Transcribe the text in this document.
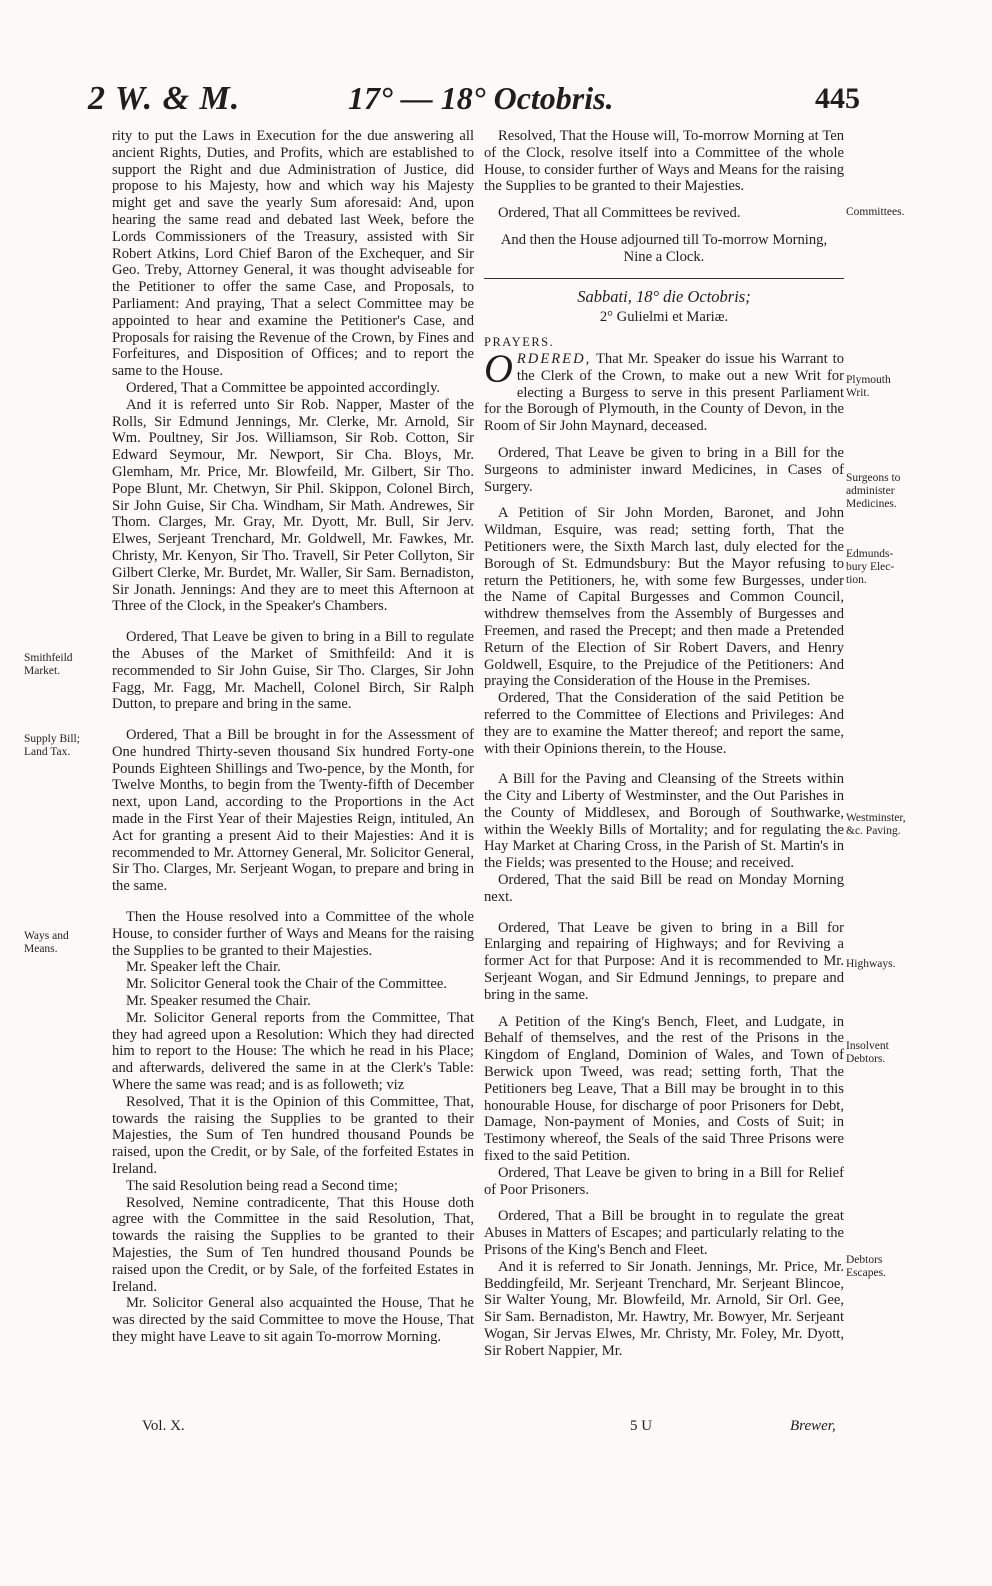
2 W. & M.	17° — 18° Octobris.	445

rity to put the Laws in Execution for the due answering all ancient Rights, Duties, and Profits, which are established to support the Right and due Administration of Justice, did propose to his Majesty, how and which way his Majesty might get and save the yearly Sum aforesaid: And, upon hearing the same read and debated last Week, before the Lords Commissioners of the Treasury, assisted with Sir Robert Atkins, Lord Chief Baron of the Exchequer, and Sir Geo. Treby, Attorney General, it was thought adviseable for the Petitioner to offer the same Case, and Proposals, to Parliament: And praying, That a select Committee may be appointed to hear and examine the Petitioner's Case, and Proposals for raising the Revenue of the Crown, by Fines and Forfeitures, and Disposition of Offices; and to report the same to the House.

Ordered, That a Committee be appointed accordingly.

And it is referred unto Sir Rob. Napper, Master of the Rolls, Sir Edmund Jennings, Mr. Clerke, Mr. Arnold, Sir Wm. Poultney, Sir Jos. Williamson, Sir Rob. Cotton, Sir Edward Seymour, Mr. Newport, Sir Cha. Bloys, Mr. Glemham, Mr. Price, Mr. Blowfeild, Mr. Gilbert, Sir Tho. Pope Blunt, Mr. Chetwyn, Sir Phil. Skippon, Colonel Birch, Sir John Guise, Sir Cha. Windham, Sir Math. Andrewes, Sir Thom. Clarges, Mr. Gray, Mr. Dyott, Mr. Bull, Sir Jerv. Elwes, Serjeant Trenchard, Mr. Goldwell, Mr. Fawkes, Mr. Christy, Mr. Kenyon, Sir Tho. Travell, Sir Peter Collyton, Sir Gilbert Clerke, Mr. Burdet, Mr. Waller, Sir Sam. Bernadiston, Sir Jonath. Jennings: And they are to meet this Afternoon at Three of the Clock, in the Speaker's Chambers.

Ordered, That Leave be given to bring in a Bill to regulate the Abuses of the Market of Smithfeild: And it is recommended to Sir John Guise, Sir Tho. Clarges, Sir John Fagg, Mr. Fagg, Mr. Machell, Colonel Birch, Sir Ralph Dutton, to prepare and bring in the same.

Ordered, That a Bill be brought in for the Assessment of One hundred Thirty-seven thousand Six hundred Forty-one Pounds Eighteen Shillings and Two-pence, by the Month, for Twelve Months, to begin from the Twenty-fifth of December next, upon Land, according to the Proportions in the Act made in the First Year of their Majesties Reign, intituled, An Act for granting a present Aid to their Majesties: And it is recommended to Mr. Attorney General, Mr. Solicitor General, Sir Tho. Clarges, Mr. Serjeant Wogan, to prepare and bring in the same.

Then the House resolved into a Committee of the whole House, to consider further of Ways and Means for the raising the Supplies to be granted to their Majesties.

Mr. Speaker left the Chair.

Mr. Solicitor General took the Chair of the Committee.

Mr. Speaker resumed the Chair.

Mr. Solicitor General reports from the Committee, That they had agreed upon a Resolution: Which they had directed him to report to the House: The which he read in his Place; and afterwards, delivered the same in at the Clerk's Table: Where the same was read; and is as followeth; viz

Resolved, That it is the Opinion of this Committee, That, towards the raising the Supplies to be granted to their Majesties, the Sum of Ten hundred thousand Pounds be raised, upon the Credit, or by Sale, of the forfeited Estates in Ireland.

The said Resolution being read a Second time;

Resolved, Nemine contradicente, That this House doth agree with the Committee in the said Resolution, That, towards the raising the Supplies to be granted to their Majesties, the Sum of Ten hundred thousand Pounds be raised upon the Credit, or by Sale, of the forfeited Estates in Ireland.

Mr. Solicitor General also acquainted the House, That he was directed by the said Committee to move the House, That they might have Leave to sit again To-morrow Morning.

Resolved, That the House will, To-morrow Morning at Ten of the Clock, resolve itself into a Committee of the whole House, to consider further of Ways and Means for the raising the Supplies to be granted to their Majesties.

Ordered, That all Committees be revived.

And then the House adjourned till To-morrow Morning, Nine a Clock.

Sabbati, 18° die Octobris;
2° Gulielmi et Mariæ.

PRAYERS.

ORDERED, That Mr. Speaker do issue his Warrant to the Clerk of the Crown, to make out a new Writ for electing a Burgess to serve in this present Parliament for the Borough of Plymouth, in the County of Devon, in the Room of Sir John Maynard, deceased.

Ordered, That Leave be given to bring in a Bill for the Surgeons to administer inward Medicines, in Cases of Surgery.

A Petition of Sir John Morden, Baronet, and John Wildman, Esquire, was read; setting forth, That the Petitioners were, the Sixth March last, duly elected for the Borough of St. Edmundsbury: But the Mayor refusing to return the Petitioners, he, with some few Burgesses, under the Name of Capital Burgesses and Common Council, withdrew themselves from the Assembly of Burgesses and Freemen, and rased the Precept; and then made a Pretended Return of the Election of Sir Robert Davers, and Henry Goldwell, Esquire, to the Prejudice of the Petitioners: And praying the Consideration of the House in the Premises.

Ordered, That the Consideration of the said Petition be referred to the Committee of Elections and Privileges: And they are to examine the Matter thereof; and report the same, with their Opinions therein, to the House.

A Bill for the Paving and Cleansing of the Streets within the City and Liberty of Westminster, and the Out Parishes in the County of Middlesex, and Borough of Southwarke, within the Weekly Bills of Mortality; and for regulating the Hay Market at Charing Cross, in the Parish of St. Martin's in the Fields; was presented to the House; and received.

Ordered, That the said Bill be read on Monday Morning next.

Ordered, That Leave be given to bring in a Bill for Enlarging and repairing of Highways; and for Reviving a former Act for that Purpose: And it is recommended to Mr. Serjeant Wogan, and Sir Edmund Jennings, to prepare and bring in the same.

A Petition of the King's Bench, Fleet, and Ludgate, in Behalf of themselves, and the rest of the Prisons in the Kingdom of England, Dominion of Wales, and Town of Berwick upon Tweed, was read; setting forth, That the Petitioners beg Leave, That a Bill may be brought in to this honourable House, for discharge of poor Prisoners for Debt, Damage, Non-payment of Monies, and Costs of Suit; in Testimony whereof, the Seals of the said Three Prisons were fixed to the said Petition.

Ordered, That Leave be given to bring in a Bill for Relief of Poor Prisoners.

Ordered, That a Bill be brought in to regulate the great Abuses in Matters of Escapes; and particularly relating to the Prisons of the King's Bench and Fleet.

And it is referred to Sir Jonath. Jennings, Mr. Price, Mr. Beddingfeild, Mr. Serjeant Trenchard, Mr. Serjeant Blincoe, Sir Walter Young, Mr. Blowfeild, Mr. Arnold, Sir Orl. Gee, Sir Sam. Bernadiston, Mr. Hawtry, Mr. Bowyer, Mr. Serjeant Wogan, Sir Jervas Elwes, Mr. Christy, Mr. Foley, Mr. Dyott, Sir Robert Nappier, Mr.

Smithfeild
Market.
Supply Bill;
Land Tax.
Ways and
Means.
Committees.
Plymouth
Writ.
Surgeons to
administer
Medicines.
Edmunds-
bury Elec-
tion.
Westminster,
&c. Paving.
Highways.
Insolvent
Debtors.
Debtors
Escapes.
Vol. X.	5 U	Brewer,
